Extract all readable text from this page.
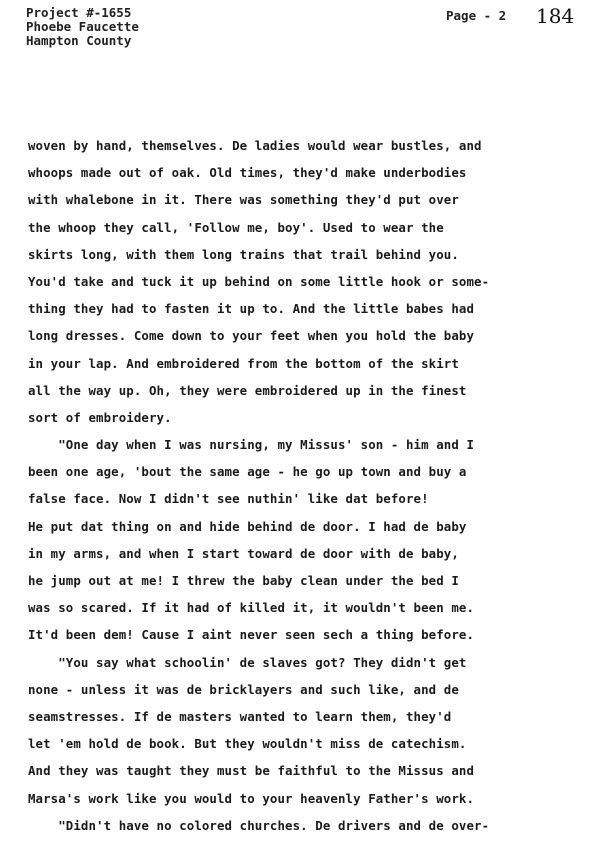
Project #-1655
Phoebe Faucette
Hampton County
Page - 2 184
woven by hand, themselves. De ladies would wear bustles, and
whoops made out of oak. Old times, they'd make underbodies
with whalebone in it. There was something they'd put over
the whoop they call, 'Follow me, boy'. Used to wear the
skirts long, with them long trains that trail behind you.
You'd take and tuck it up behind on some little hook or some-
thing they had to fasten it up to. And the little babes had
long dresses. Come down to your feet when you hold the baby
in your lap. And embroidered from the bottom of the skirt
all the way up. Oh, they were embroidered up in the finest
sort of embroidery.
"One day when I was nursing, my Missus' son - him and I
been one age, 'bout the same age - he go up town and buy a
false face. Now I didn't see nuthin' like dat before!
He put dat thing on and hide behind de door. I had de baby
in my arms, and when I start toward de door with de baby,
he jump out at me! I threw the baby clean under the bed I
was so scared. If it had of killed it, it wouldn't been me.
It'd been dem! Cause I aint never seen sech a thing before.
"You say what schoolin' de slaves got? They didn't get
none - unless it was de bricklayers and such like, and de
seamstresses. If de masters wanted to learn them, they'd
let 'em hold de book. But they wouldn't miss de catechism.
And they was taught they must be faithful to the Missus and
Marsa's work like you would to your heavenly Father's work.
"Didn't have no colored churches. De drivers and de over-
